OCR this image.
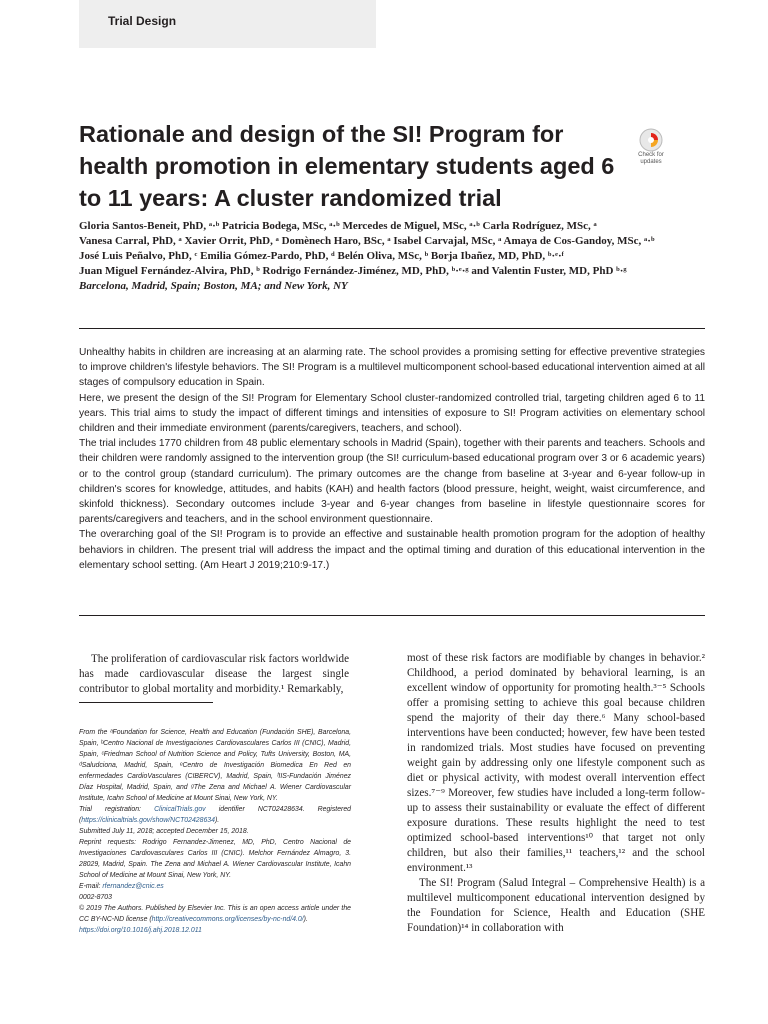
Trial Design
Rationale and design of the SI! Program for health promotion in elementary students aged 6 to 11 years: A cluster randomized trial
Check for
updates
Gloria Santos-Beneit, PhD, ᵃ·ᵇ Patricia Bodega, MSc, ᵃ·ᵇ Mercedes de Miguel, MSc, ᵃ·ᵇ Carla Rodríguez, MSc, ᵃ
Vanesa Carral, PhD, ᵃ Xavier Orrit, PhD, ᵃ Domènech Haro, BSc, ᵃ Isabel Carvajal, MSc, ᵃ Amaya de Cos-Gandoy, MSc, ᵃ·ᵇ
José Luis Peñalvo, PhD, ᶜ Emilia Gómez-Pardo, PhD, ᵈ Belén Oliva, MSc, ᵇ Borja Ibañez, MD, PhD, ᵇ·ᵉ·ᶠ
Juan Miguel Fernández-Alvira, PhD, ᵇ Rodrigo Fernández-Jiménez, MD, PhD, ᵇ·ᵉ·ᵍ and Valentin Fuster, MD, PhD ᵇ·ᵍ
Barcelona, Madrid, Spain; Boston, MA; and New York, NY

Unhealthy habits in children are increasing at an alarming rate. The school provides a promising setting for effective preventive strategies to improve children's lifestyle behaviors. The SI! Program is a multilevel multicomponent school-based educational intervention aimed at all stages of compulsory education in Spain.

Here, we present the design of the SI! Program for Elementary School cluster-randomized controlled trial, targeting children aged 6 to 11 years. This trial aims to study the impact of different timings and intensities of exposure to SI! Program activities on elementary school children and their immediate environment (parents/caregivers, teachers, and school).

The trial includes 1770 children from 48 public elementary schools in Madrid (Spain), together with their parents and teachers. Schools and their children were randomly assigned to the intervention group (the SI! curriculum-based educational program over 3 or 6 academic years) or to the control group (standard curriculum). The primary outcomes are the change from baseline at 3-year and 6-year follow-up in children's scores for knowledge, attitudes, and habits (KAH) and health factors (blood pressure, height, weight, waist circumference, and skinfold thickness). Secondary outcomes include 3-year and 6-year changes from baseline in lifestyle questionnaire scores for parents/caregivers and teachers, and in the school environment questionnaire.

The overarching goal of the SI! Program is to provide an effective and sustainable health promotion program for the adoption of healthy behaviors in children. The present trial will address the impact and the optimal timing and duration of this educational intervention in the elementary school setting. (Am Heart J 2019;210:9-17.)

The proliferation of cardiovascular risk factors worldwide has made cardiovascular disease the largest single contributor to global mortality and morbidity.¹ Remarkably,

From the ᵃFoundation for Science, Health and Education (Fundación SHE), Barcelona, Spain, ᵇCentro Nacional de Investigaciones Cardiovasculares Carlos III (CNIC), Madrid, Spain, ᶜFriedman School of Nutrition Science and Policy, Tufts University, Boston, MA, ᵈSaludciona, Madrid, Spain, ᵉCentro de Investigación Biomedica En Red en enfermedades CardioVasculares (CIBERCV), Madrid, Spain, ᶠIIS-Fundación Jiménez Díaz Hospital, Madrid, Spain, and ᵍThe Zena and Michael A. Wiener Cardiovascular Institute, Icahn School of Medicine at Mount Sinai, New York, NY.

Trial registration: ClinicalTrials.gov identifier NCT02428634. Registered (https://clinicaltrials.gov/show/NCT02428634).

Submitted July 11, 2018; accepted December 15, 2018.

Reprint requests: Rodrigo Fernandez-Jimenez, MD, PhD, Centro Nacional de Investigaciones Cardiovasculares Carlos III (CNIC). Melchor Fernández Almagro, 3. 28029, Madrid, Spain. The Zena and Michael A. Wiener Cardiovascular Institute, Icahn School of Medicine at Mount Sinai, New York, NY.

E-mail: rfernandez@cnic.es

0002-8703

© 2019 The Authors. Published by Elsevier Inc. This is an open access article under the CC BY-NC-ND license (http://creativecommons.org/licenses/by-nc-nd/4.0/).

https://doi.org/10.1016/j.ahj.2018.12.011

most of these risk factors are modifiable by changes in behavior.² Childhood, a period dominated by behavioral learning, is an excellent window of opportunity for promoting health.³⁻⁵ Schools offer a promising setting to achieve this goal because children spend the majority of their day there.⁶ Many school-based interventions have been conducted; however, few have been tested in randomized trials. Most studies have focused on preventing weight gain by addressing only one lifestyle component such as diet or physical activity, with modest overall intervention effect sizes.⁷⁻⁹ Moreover, few studies have included a long-term follow-up to assess their sustainability or evaluate the effect of different exposure durations. These results highlight the need to test optimized school-based interventions¹⁰ that target not only children, but also their families,¹¹ teachers,¹² and the school environment.¹³

The SI! Program (Salud Integral – Comprehensive Health) is a multilevel multicomponent educational intervention designed by the Foundation for Science, Health and Education (SHE Foundation)¹⁴ in collaboration with
